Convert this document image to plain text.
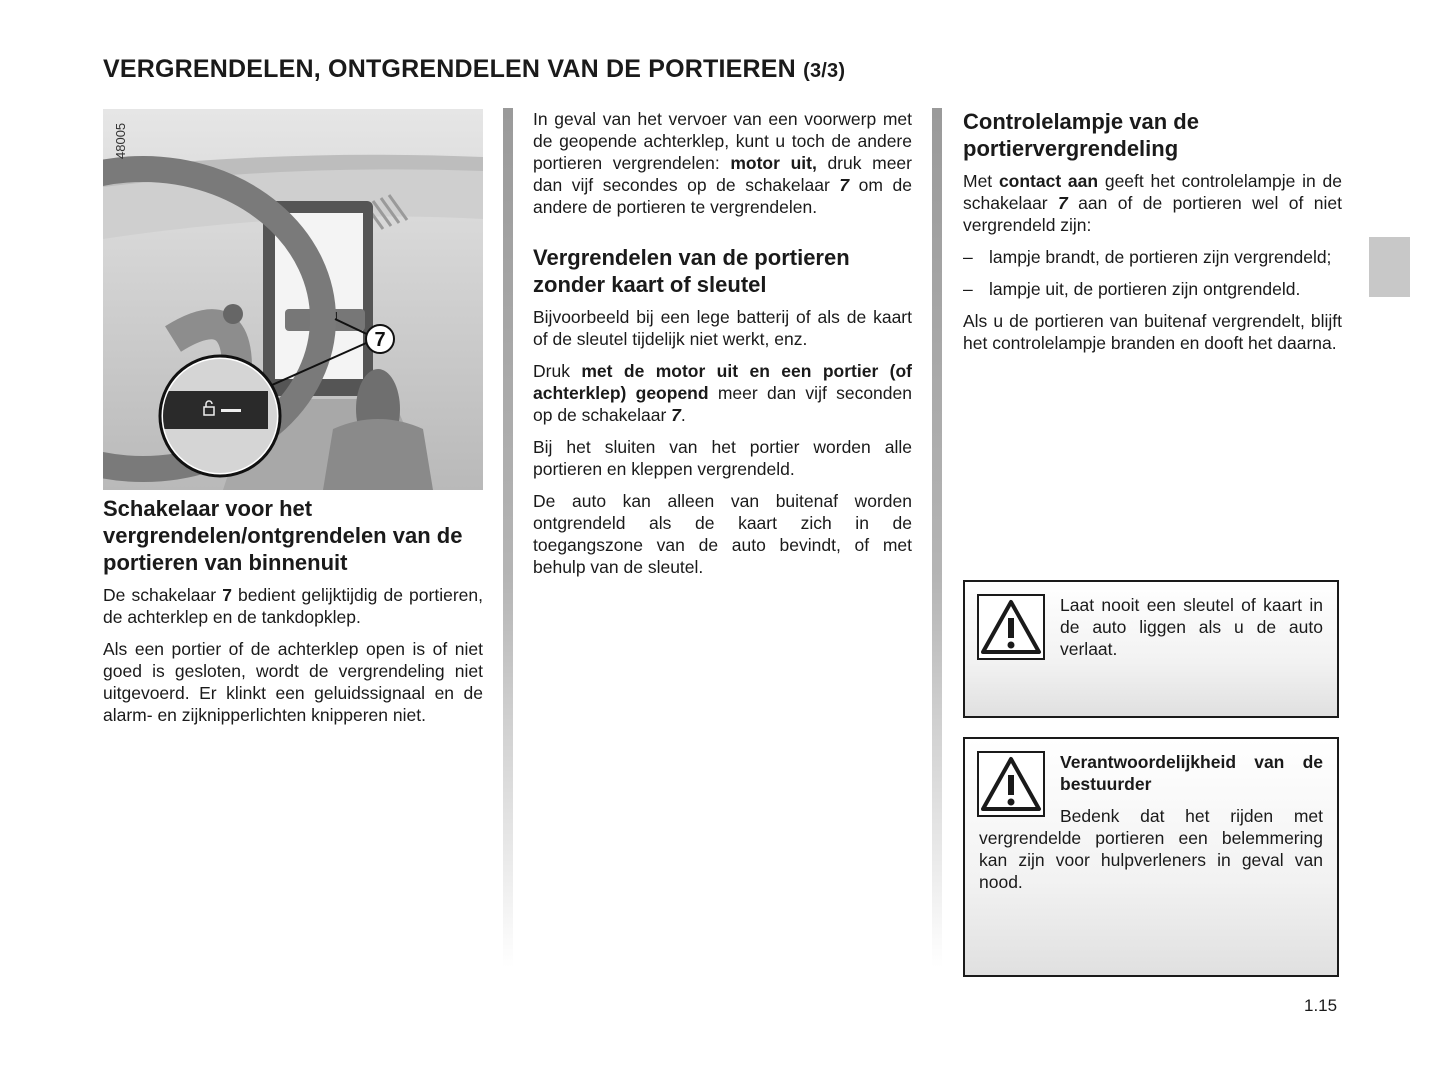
VERGRENDELEN, ONTGRENDELEN VAN DE PORTIEREN (3/3)
48005
7
Schakelaar voor het vergrendelen/ontgrendelen van de portieren van binnenuit

De schakelaar 7 bedient gelijktijdig de portieren, de achterklep en de tankdopklep.

Als een portier of de achterklep open is of niet goed is gesloten, wordt de vergrendeling niet uitgevoerd. Er klinkt een geluidssignaal en de alarm- en zijknipperlichten knipperen niet.

In geval van het vervoer van een voorwerp met de geopende achterklep, kunt u toch de andere portieren vergrendelen: motor uit, druk meer dan vijf secondes op de schakelaar 7 om de andere de portieren te vergrendelen.

Vergrendelen van de portieren zonder kaart of sleutel

Bijvoorbeeld bij een lege batterij of als de kaart of de sleutel tijdelijk niet werkt, enz.

Druk met de motor uit en een portier (of achterklep) geopend meer dan vijf seconden op de schakelaar 7.

Bij het sluiten van het portier worden alle portieren en kleppen vergrendeld.

De auto kan alleen van buitenaf worden ontgrendeld als de kaart zich in de toegangszone van de auto bevindt, of met behulp van de sleutel.

Controlelampje van de portiervergrendeling

Met contact aan geeft het controlelampje in de schakelaar 7 aan of de portieren wel of niet vergrendeld zijn:

– lampje brandt, de portieren zijn vergrendeld;

– lampje uit, de portieren zijn ontgrendeld.

Als u de portieren van buitenaf vergrendelt, blijft het controlelampje branden en dooft het daarna.

Laat nooit een sleutel of kaart in de auto liggen als u de auto verlaat.

Verantwoordelijkheid van de bestuurder

Bedenk dat het rijden met vergrendelde portieren een belemmering kan zijn voor hulpverleners in geval van nood.

1.15
